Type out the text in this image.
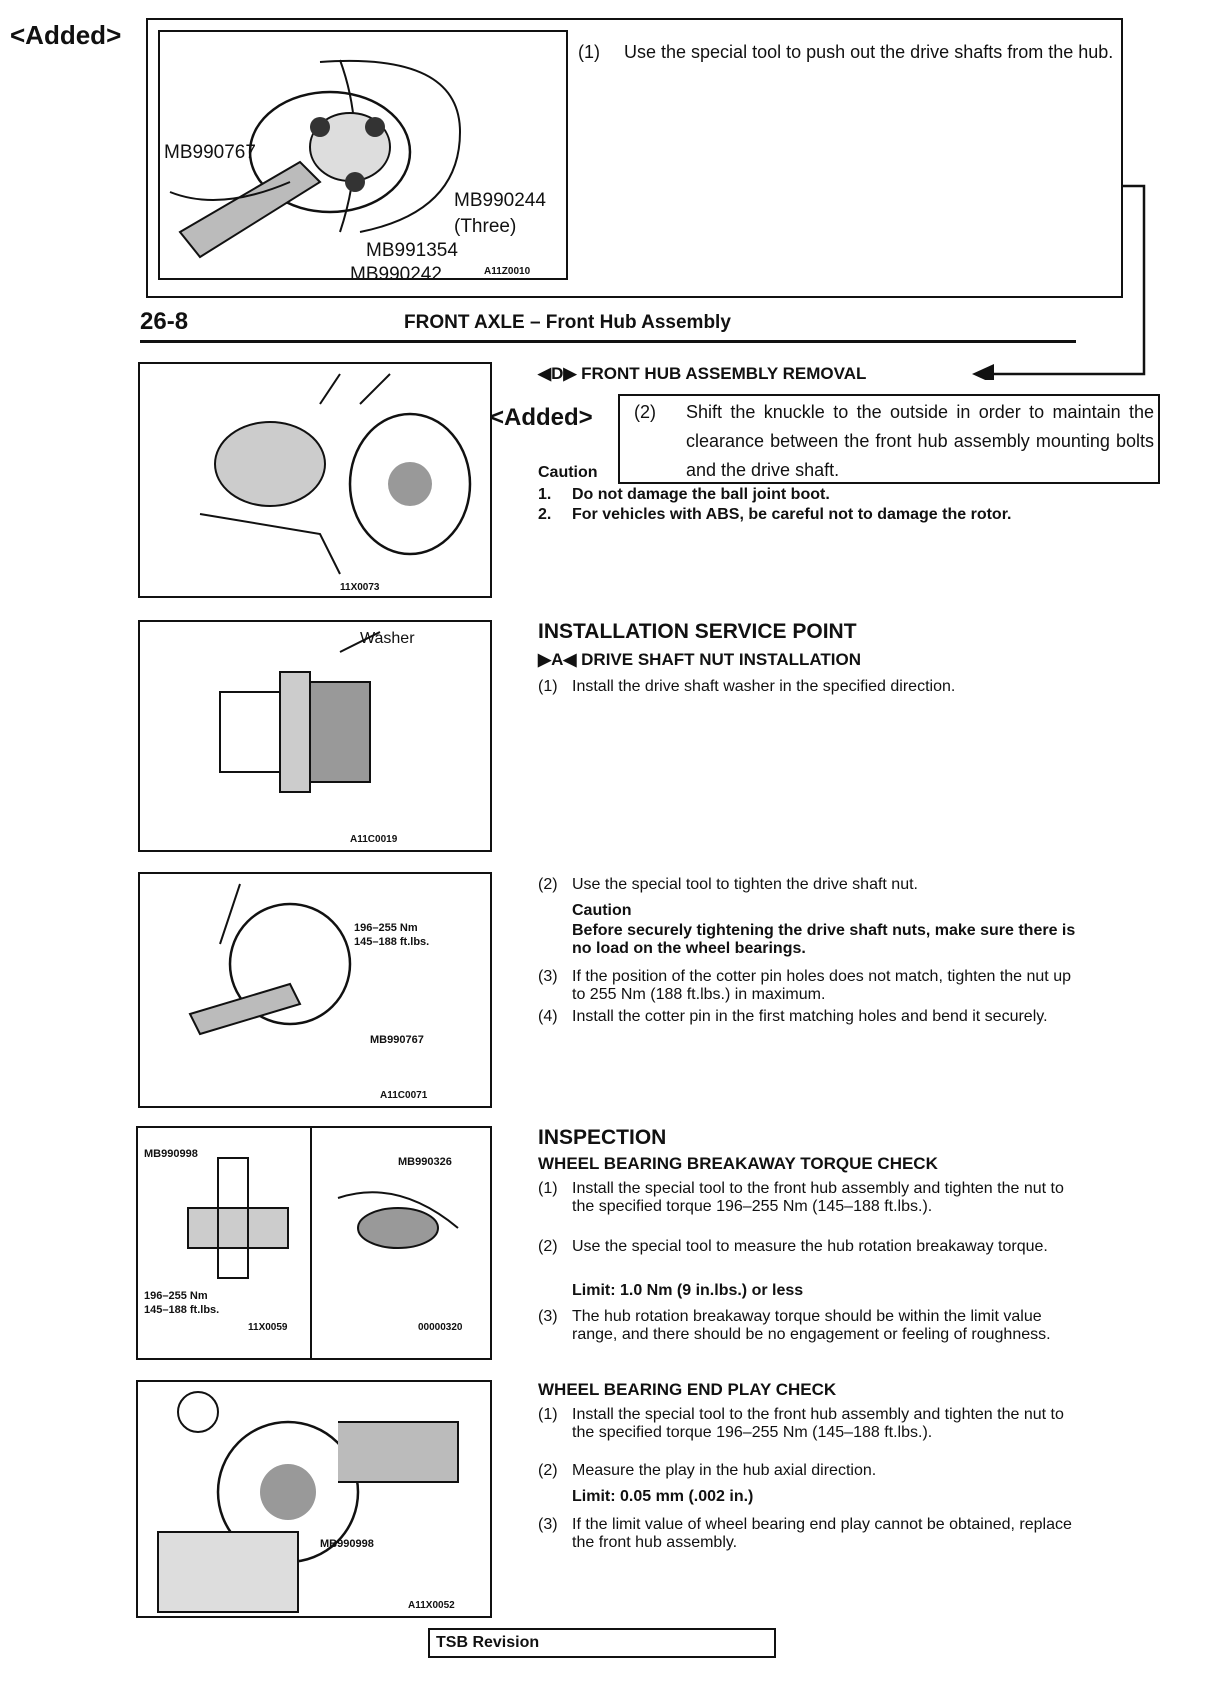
<Added>
MB990767
MB990242	A11Z0010
MB990244
(Three)
MB991354
(1)	Use the special tool to push out the drive shafts from the hub.
26-8	FRONT AXLE – Front Hub Assembly
◀D▶ FRONT HUB ASSEMBLY REMOVAL
11X0073
<Added> (2)	Shift the knuckle to the outside in order to maintain the clearance between the front hub assembly mounting bolts and the drive shaft.
Caution
1.	Do not damage the ball joint boot.
2.	For vehicles with ABS, be careful not to damage the rotor.
Washer
A11C0019
INSTALLATION SERVICE POINT
▶A◀ DRIVE SHAFT NUT INSTALLATION
(1) Install the drive shaft washer in the specified direction.
196–255 Nm
145–188 ft.lbs.
MB990767
A11C0071
(2) Use the special tool to tighten the drive shaft nut.
Caution
Before securely tightening the drive shaft nuts, make sure there is no load on the wheel bearings.
(3) If the position of the cotter pin holes does not match, tighten the nut up to 255 Nm (188 ft.lbs.) in maximum.
(4) Install the cotter pin in the first matching holes and bend it securely.
MB990998
196–255 Nm
145–188 ft.lbs.
11X0059
MB990326
00000320
INSPECTION
WHEEL BEARING BREAKAWAY TORQUE CHECK
(1) Install the special tool to the front hub assembly and tighten the nut to the specified torque 196–255 Nm (145–188 ft.lbs.).
(2) Use the special tool to measure the hub rotation breakaway torque.
Limit: 1.0 Nm (9 in.lbs.) or less
(3) The hub rotation breakaway torque should be within the limit value range, and there should be no engagement or feeling of roughness.
WHEEL BEARING END PLAY CHECK
(1) Install the special tool to the front hub assembly and tighten the nut to the specified torque 196–255 Nm (145–188 ft.lbs.).
(2) Measure the play in the hub axial direction.
Limit: 0.05 mm (.002 in.)
(3) If the limit value of wheel bearing end play cannot be obtained, replace the front hub assembly.
MB990998
A11X0052
TSB Revision
